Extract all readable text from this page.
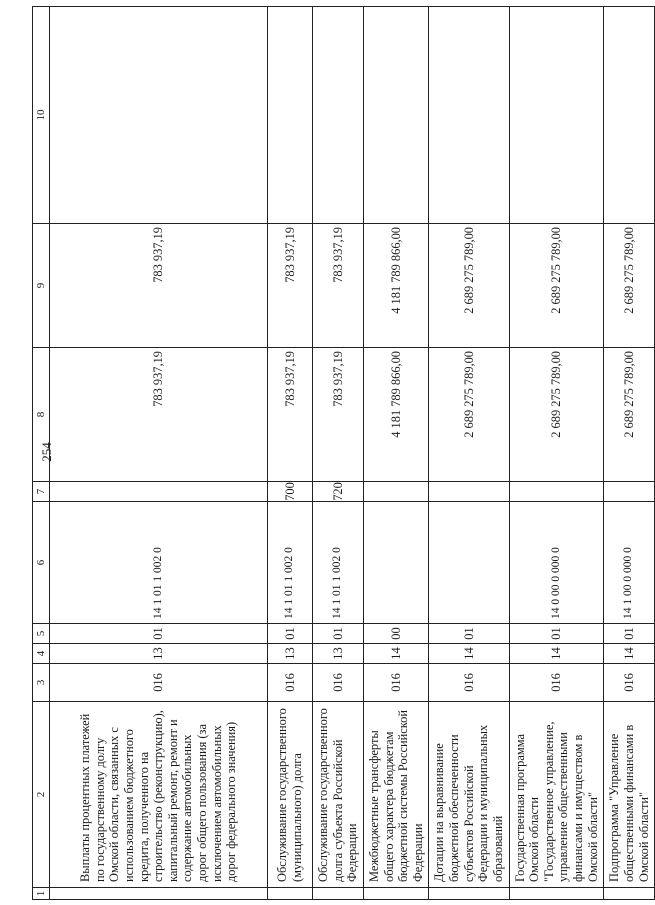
254
1	2	3	4	5	6	7	8	9	10
	Выплаты процентных платежей по государственному долгу Омской области, связанных с использованием бюджетного кредита, полученного на строительство (реконструкцию), капитальный ремонт, ремонт и содержание автомобильных дорог общего пользования (за исключением автомобильных дорог федерального значения)	016	13	01	14 1 01 1 002 0		783 937,19	783 937,19	
	Обслуживание государственного (муниципального) долга	016	13	01	14 1 01 1 002 0	700	783 937,19	783 937,19	
	Обслуживание государственного долга субъекта Российской Федерации	016	13	01	14 1 01 1 002 0	720	783 937,19	783 937,19	
	Межбюджетные трансферты общего характера бюджетам бюджетной системы Российской Федерации	016	14	00			4 181 789 866,00	4 181 789 866,00	
	Дотации на выравнивание бюджетной обеспеченности субъектов Российской Федерации и муниципальных образований	016	14	01			2 689 275 789,00	2 689 275 789,00	
	Государственная программа Омской области "Государственное управление, управление общественными финансами и имуществом в Омской области"	016	14	01	14 0 00 0 000 0		2 689 275 789,00	2 689 275 789,00	
	Подпрограмма "Управление общественными финансами в Омской области"	016	14	01	14 1 00 0 000 0		2 689 275 789,00	2 689 275 789,00	
